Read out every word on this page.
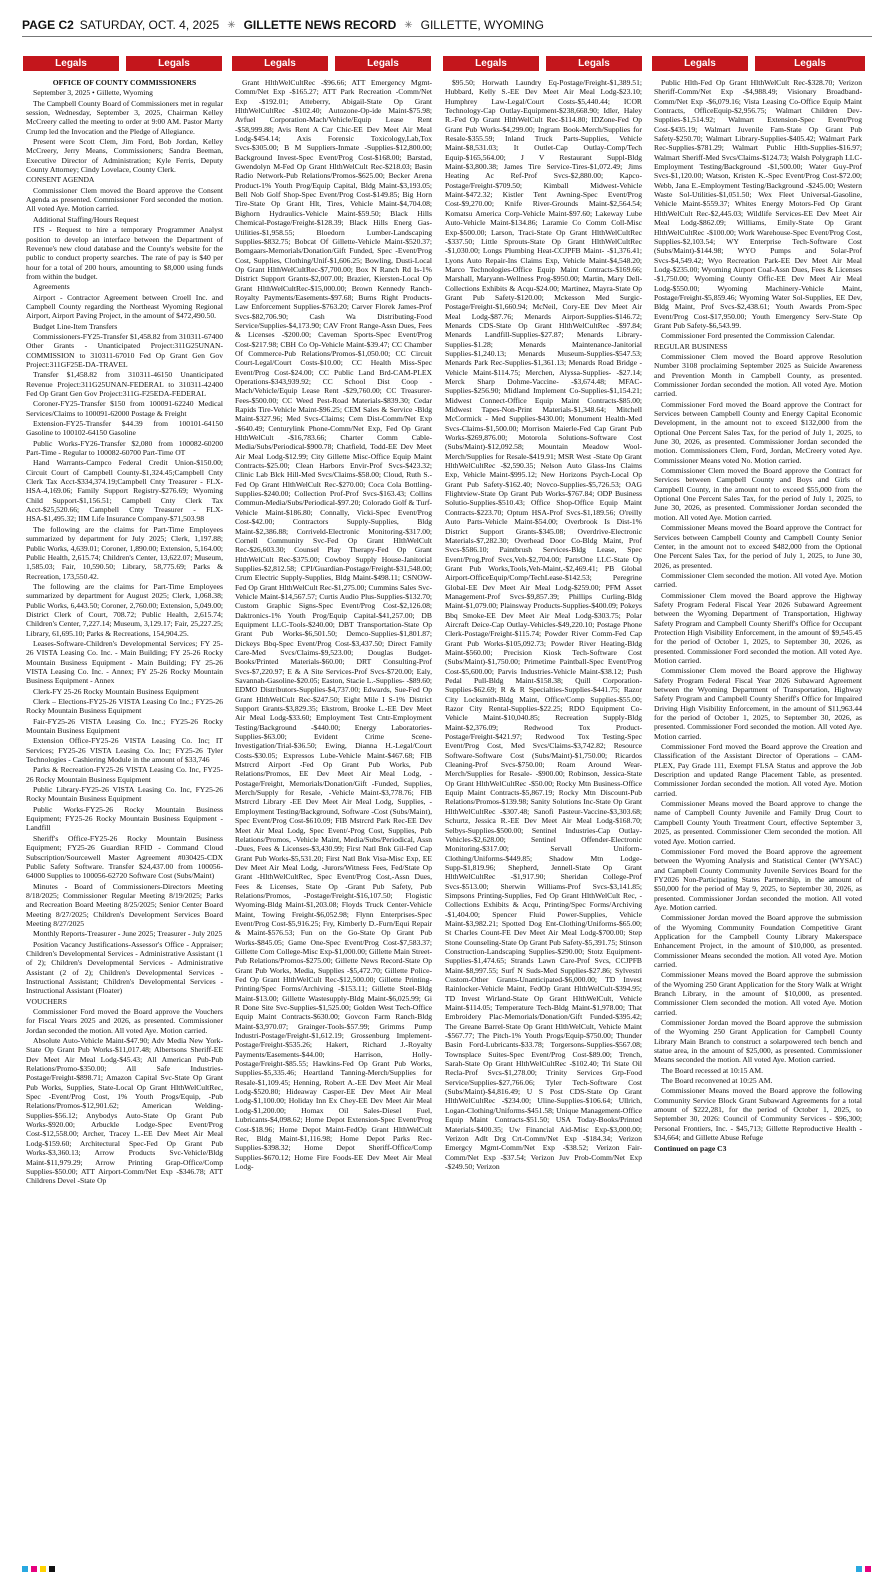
PAGE C2 SATURDAY, OCT. 4, 2025 ✳ GILLETTE NEWS RECORD ✳ GILLETTE, WYOMING
Legals	Legals	Legals	Legals	Legals	Legals	Legals	Legals

OFFICE OF COUNTY COMMISSIONERS

September 3, 2025 • Gillette, Wyoming

The Campbell County Board of Commissioners met in regular session, Wednesday, September 3, 2025, Chairman Kelley McCreery called the meeting to order at 9:00 AM. Pastor Marty Crump led the Invocation and the Pledge of Allegiance.

Present were Scott Clem, Jim Ford, Bob Jordan, Kelley McCreery, Jerry Means, Commissioners; Sandra Beeman, Executive Director of Administration; Kyle Ferris, Deputy County Attorney; Cindy Lovelace, County Clerk.

CONSENT AGENDA

Commissioner Clem moved the Board approve the Consent Agenda as presented. Commissioner Ford seconded the motion. All voted Aye. Motion carried.

Additional Staffing/Hours Request

ITS - Request to hire a temporary Programmer Analyst position to develop an interface between the Department of Revenue's new cloud database and the County's website for the public to conduct property searches. The rate of pay is $40 per hour for a total of 200 hours, amounting to $8,000 using funds from within the budget.

Agreements

Airport - Contractor Agreement between Croell Inc. and Campbell County regarding the Northeast Wyoming Regional Airport, Airport Paving Project, in the amount of $472,490.50.

Budget Line-Item Transfers

Commissioners-FY25-Transfer $1,458.82 from 310311-67400 Other Grants - Unanticipated Project:311G25UNAN-COMMISSION to 310311-67010 Fed Op Grant Gen Gov Project:311GF25E-DA-TRAVEL

Transfer $1,458.82 from 310311-46150 Unanticipated Revenue Project:311G25UNAN-FEDERAL to 310311-42400 Fed Op Grant Gen Gov Project:311G-F25EDA-FEDERAL

Coroner-FY25-Transfer $150 from 100091-62240 Medical Services/Claims to 100091-62000 Postage & Freight

Extension-FY25-Transfer $44.39 from 100101-64150 Gasoline to 100102-64150 Gasoline

Public Works-FY26-Transfer $2,080 from 100082-60200 Part-Time - Regular to 100082-60700 Part-Time OT

Hand Warrants-Campco Federal Credit Union-$150.00; Circuit Court of Campbell County-$1,324.45;Campbell Cnty Clerk Tax Acct-$334,374.19;Campbell Cnty Treasurer - FLX-HSA-4,169.06; Family Support Registry-$276.69; Wyoming Child Support-$1,156.51; Campbell Cnty Clerk Tax Acct-$25,520.66; Campbell Cnty Treasurer - FLX-HSA-$1,495.32; IIM Life Insurance Company-$71,503.98

The following are the claims for Part-Time Employees summarized by department for July 2025; Clerk, 1,197.88; Public Works, 4,639.01; Coroner, 1,890.00; Extension, 5,164.00; Public Health, 2,615.74; Children's Center, 13,622.07; Museum, 1,585.03; Fair, 10,590.50; Library, 58,775.69; Parks & Recreation, 173,550.42.

The following are the claims for Part-Time Employees summarized by department for August 2025; Clerk, 1,068.38; Public Works, 6,443.50; Coroner, 2,760.00; Extension, 5,049.00; District Clerk of Court, 708.72; Public Health, 2,615.74; Children's Center, 7,227.14; Museum, 3,129.17; Fair, 25,227.25; Library, 61,695.10; Parks & Recreations, 154,904.25.

Leases-Software-Children's Developmental Services; FY 25-26 VISTA Leasing Co. Inc. - Main Building; FY 25-26 Rocky Mountain Business Equipment - Main Building; FY 25-26 VISTA Leasing Co. Inc. - Annex; FY 25-26 Rocky Mountain Business Equipment - Annex

Clerk-FY 25-26 Rocky Mountain Business Equipment

Clerk – Elections-FY25-26 VISTA Leasing Co Inc.; FY25-26 Rocky Mountain Business Equipment

Fair-FY25-26 VISTA Leasing Co. Inc.; FY25-26 Rocky Mountain Business Equipment

Extension Office-FY25-26 VISTA Leasing Co. Inc; IT Services; FY25-26 VISTA Leasing Co. Inc; FY25-26 Tyler Technologies - Cashiering Module in the amount of $33,746

Parks & Recreation-FY25-26 VISTA Leasing Co. Inc, FY25-26 Rocky Mountain Business Equipment

Public Library-FY25-26 VISTA Leasing Co. Inc, FY25-26 Rocky Mountain Business Equipment

Public Works-FY25-26 Rocky Mountain Business Equipment; FY25-26 Rocky Mountain Business Equipment - Landfill

Sheriff's Office-FY25-26 Rocky Mountain Business Equipment; FY25-26 Guardian RFID - Command Cloud Subscription/Sourcewell Master Agreement #030425-CDX Public Safety Software. Transfer $24,437.00 from 100056-64000 Supplies to 100056-62720 Software Cost (Subs/Maint)

Minutes - Board of Commissioners-Directors Meeting 8/18/2025; Commissioner Regular Meeting 8/19/2025; Parks and Recreation Board Meeting 8/25/2025; Senior Center Board Meeting 8/27/2025; Children's Development Services Board Meeting 8/27/2025

Monthly Reports-Treasurer - June 2025; Treasurer - July 2025

Position Vacancy Justifications-Assessor's Office - Appraiser; Children's Developmental Services - Administrative Assistant (1 of 2); Children's Developmental Services - Administrative Assistant (2 of 2); Children's Developmental Services - Instructional Assistant; Children's Developmental Services - Instructional Assistant (Floater)

VOUCHERS

Commissioner Ford moved the Board approve the Vouchers for Fiscal Years 2025 and 2026, as presented. Commissioner Jordan seconded the motion. All voted Aye. Motion carried.

Absolute Auto-Vehicle Maint-$47.90; Adv Media New York-State Op Grant Pub Works-$11,017.48; Albertsons Sheriff-EE Dev Meet Air Meal Lodg-$45.43; All American Pub-Pub Relations/Promo-$350.00; All Safe Industries-Postage/Freight-$898.71; Amazon Capital Svc-State Op Grant Pub Works, Supplies, State-Local Op Grant HlthWelCultRec, Spec -Event/Prog Cost, 1% Youth Progs/Equip, -Pub Relations/Promos-$12,901.62; American Welding-Supplies-$56.12; Anybodys Auto-State Op Grant Pub Works-$920.00; Arbuckle Lodge-Spec Event/Prog Cost-$12,558.00; Archer, Tracey L.-EE Dev Meet Air Meal Lodg-$159.60; Architectural Spec-Fed Op Grant Pub Works-$3,360.13; Arrow Products Svc-Vehicle/Bldg Maint-$11,979.29; Arrow Printing Grap-Office/Comp Supplies-$50.00; ATT Airport-Comm/Net Exp -$346.78; ATT Childrens Devel -State Op

Grant HlthWelCultRec -$96.66; ATT Emergency Mgmt-Comm/Net Exp -$165.27; ATT Park Recreation -Comm/Net Exp -$192.01; Atteberry, Abigail-State Op Grant HlthWelCultRec -$102.40; Autozone-Op-ide Maint-$75.98; Avfuel Corporation-Mach/Vehicle/Equip Lease Rent -$58,999.88; Avis Rent A Car Chic-EE Dev Meet Air Meal Lodg-$454.14; Axis Forensic Toxicology,Lab,Tox Svcs-$305.00; B M Suppliers-Inmate -Supplies-$12,800.00; Background Invest-Spec Event/Prog Cost-$168.00; Barstad, Gwendolyn M-Fed Op Grant HlthWelCult Rec-$218.03; Basin Radio Network-Pub Relations/Promos-$625.00; Becker Arena Product-1% Youth Prog/Equip Capital, Bldg Maint-$3,193.05; Bell Nob Golf Shop-Spec Event/Prog Cost-$149.85; Big Horn Tire-State Op Grant Hlt, Tires, Vehicle Maint-$4,704.08; Bighorn Hydraulics-Vehicle Maint-$59.50; Black Hills Chemical-Postage/Freight-$128.39; Black Hills Energ Gas-Utilities-$1,958.55; Bloedorn Lumber-Landscaping Supplies-$832.75; Bobcat Of Gillette-Vehicle Maint-$520.37; Bomgaars-Memorials/Donation/Gift Funded, Spec -Event/Prog Cost, Supplies, Clothing/Unif-$1,606.25; Bowling, Dusti-Local Op Grant HlthWelCultRec-$7,700.00; Box N Ranch Rd Is-1% District Support Grants-$2,007.00; Brazier, Kiersten-Local Op Grant HlthWelCultRec-$15,000.00; Brown Kennedy Ranch-Royalty Payments/Easements-$97.68; Burns Right Products-Law Enforcement Supplies-$763.20; Carver Florek James-Prof Svcs-$82,706.90; Cash Wa Distributing-Food Service/Supplies-$4,173.90; CAV Front Range-Assn Dues, Fees & Licenses -$200.00; Caveman Sports-Spec Event/Prog Cost-$217.98; CBH Co Op-Vehicle Maint-$39.47; CC Chamber Of Commerce-Pub Relations/Promos-$1,050.00; CC Circuit Court-Legal/Court Costs-$10.00; CC Health Miss-Spec Event/Prog Cost-$24.00; CC Public Land Brd-CAM-PLEX Operations-$343,939.92; CC School Dist Coop -Mach/Vehicle/Equip Lease Rent -$29,760.00; CC Treasurer-Fees-$500.00; CC Weed Pest-Road Materials-$839.30; Cedar Rapids Tire-Vehicle Maint-$96.25; CEM Sales & Service -Bldg Maint-$327.96; Med Svcs-Claims; Cem Dist-Comm/Net Exp -$640.49; Centurylink Phone-Comm/Net Exp, Fed Op Grant HlthWelCult -$16,783.66; Charter Comm Cable-Media/Subs/Periodical-$900.78; Chatfield, Todd-EE Dev Meet Air Meal Lodg-$12.99; City Gillette Misc-Office Equip Maint Contracts-$25.00; Clean Harbors Envir-Prof Svcs-$423.32; Clinic Lab Blck Hill-Med Svcs/Claims-$58.00; Cloud, Ruth S.-Fed Op Grant HlthWelCult Rec-$270.00; Coca Cola Bottling-Supplies-$240.00; Collection Prof-Prof Svcs-$163.43; Collins Commun-Media/Subs/Periodical-$97.20; Colorado Golf & Turf-Vehicle Maint-$186.80; Connally, Vicki-Spec Event/Prog Cost-$42.00; Contractors Supply-Supplies, Bldg Maint-$2,386.88; Corriveld-Electronic Monitoring-$317.00; Cornell Community Svc-Fed Op Grant HlthWelCult Rec-$26,603.30; Counsel Play Therapy-Fed Op Grant HlthWelCult Rec-$375.00; Cowboy Supply House-Janitorial Supplies-$2,812.58; CPI/Guardian-Postage/Freight-$31,548.00; Crum Electric Supply-Supplies, Bldg Maint-$498.11; CSNOW-Fed Op Grant HlthWelCult Rec-$1,275.00; Cummins Sales Svc-Vehicle Maint-$14,567.57; Curtis Audio Plus-Supplies-$132.70; Custom Graphic Signs-Spec Event/Prog Cost-$2,126.08; Daktronics-1% Youth Prog/Equip Capital-$41,257.00; DB Equipment LLC-Tools-$240.00; DBT Transportation-State Op Grant Pub Works-$6,501.50; Demco-Supplies-$1,801.87; Dickeys Bbq-Spec Event/Prog Cost-$3,437.50; Direct Family Care-Med Svcs/Claims-$9,523.00; Douglas Budget-Books/Printed Materials-$60.00; DRT Consulting-Prof Svcs-$7,220.97; E & A Site Services-Prof Svcs-$720.00; Ealy, Savannah-Gasoline-$20.05; Easton, Stacie L.-Supplies- -$89.60; EDMO Distributors-Supplies-$4,737.00; Edwards, Sue-Fed Op Grant HlthWelCult Rec-$247.50; Eight Mile I S-1% District Support Grants-$3,829.35; Ekstrom, Brooke L.-EE Dev Meet Air Meal Lodg-$33.60; Employment Test Cntr-Employment Testing/Background -$440.00; Energy Laboratories-Supplies-$63.00; Evident Crime Scene-Investigation/Trial-$36.50; Ewing, Dianna H.-Legal/Court Costs-$30.05; Expressos Lube-Vehicle Maint-$467.68; FIB Mstrcrd Airport -Fed Op Grant Pub Works, Pub Relations/Promos, EE Dev Meet Air Meal Lodg, -Postage/Freight, Memorials/Donation/Gift -Funded, Supplies, Merch/Supply for Resale, -Vehicle Maint-$3,778.76; FIB Mstrcrd Library -EE Dev Meet Air Meal Lodg, Supplies, -Employment Testing/Background, Software -Cost (Subs/Maint), Spec Event/Prog Cost-$610.09; FIB Mstrcrd Park Rec-EE Dev Meet Air Meal Lodg, Spec Event/-Prog Cost, Supplies, Pub Relations/Promos, -Vehicle Maint, Media/Subs/Periodical, Assn -Dues, Fees & Licenses-$3,430.99; First Natl Bnk Gil-Fed Cap Grant Pub Works-$5,531.20; First Natl Bnk Visa-Misc Exp, EE Dev Meet Air Meal Lodg, -Jurors/Witness Fees, Fed/State Op Grant -HlthWelCultRec, Spec Event/Prog Cost,-Assn Dues, Fees & Licenses, State Op -Grant Pub Safety, Pub Relations/Promos, -Postage/Freight-$16,107.50; Flogistic Wyoming-Bldg Maint-$1,203.08; Floyds Truck Center-Vehicle Maint, Towing Freight-$6,052.98; Flynn Enterprises-Spec Event/Prog Cost-$5,916.25; Fry, Kimberly D.-Furn/Equi Repair & Maint-$576.53; Fun on the Go-State Op Grant Pub Works-$845.05; Game One-Spec Event/Prog Cost-$7,583.37; Gillette Com College-Misc Exp-$1,000.00; Gillette Main Street-Pub Relations/Promos-$275.00; Gillette News Record-State Op Grant Pub Works, Media, Supplies -$5,472.70; Gillette Police-Fed Op Grant HlthWelCult Rec-$12,500.00; Gillette Printing-Printing/Spec Forms/Archiving -$153.11; Gillette Steel-Bldg Maint-$13.00; Gillette Wastesupply-Bldg Maint-$6,025.99; Gi R Done Site Svc-Supplies-$1,525.00; Golden West Tech-Office Equip Maint Contracts-$630.00; Govcon Farm Ranch-Bldg Maint-$3,970.07; Grainger-Tools-$57.99; Grimms Pump Industri-Postage/Freight-$1,612.19; Grossenburg Implement-Postage/Freight-$535.26; Hakert, Richard J.-Royalty Payments/Easements-$44.00; Harrison, Holly-Postage/Freight-$85.55; Hawkins-Fed Op Grant Pub Works, Supplies-$5,335.46; Heartland Tanning-Merch/Supplies for Resale-$1,109.45; Henning, Robert A.-EE Dev Meet Air Meal Lodg-$520.80; Hideaway Casper-EE Dev Meet Air Meal Lodg-$1,100.00; Holiday Inn Ex Chey-EE Dev Meet Air Meal Lodg-$1,200.00; Homax Oil Sales-Diesel Fuel, Lubricants-$4,098.62; Home Depot Extension-Spec Event/Prog Cost-$18.96; Home Depot Maint-FedOp Grant HlthWelCult Rec, Bldg Maint-$1,116.98; Home Depot Parks Rec-Supplies-$398.32; Home Depot Sheriff-Office/Comp Supplies-$670.12; Home Fire Foods-EE Dev Meet Air Meal Lodg-

$95.50; Horwath Laundry Eq-Postage/Freight-$1,389.51; Hubbard, Kelly S.-EE Dev Meet Air Meal Lodg-$23.10; Humphrey Law-Legal/Court Costs-$5,440.44; ICOR Technology-Cap Outlay-Equipment-$238,668.90; Idler, Haley R.-Fed Op Grant HlthWelCult Rec-$114.80; IDZone-Fed Op Grant Pub Works-$4,299.00; Ingram Book-Merch/Supplies for Resale-$355.59; Inland Truck Parts-Supplies, Vehicle Maint-$8,531.03; It Outlet-Cap Outlay-Comp/Tech Equip-$165,564.00; J V Restaurant Suppl-Bldg Maint-$3,800.38; James Tire Service-Tires-$1,072.49; Jims Heating Ac Ref-Prof Svcs-$2,880.00; Kapco-Postage/Freight-$709.50; Kimball Midwest-Vehicle Maint-$472.32; Kistler Tent Awning-Spec Event/Prog Cost-$9,270.00; Knife River-Grounds Maint-$2,564.54; Komatsu America Corp-Vehicle Maint-$97.60; Lakeway Lube Auto-Vehicle Maint-$134.86; Laramie Co Comm Coll-Misc Exp-$500.00; Larson, Traci-State Op Grant HlthWelCultRec -$337.50; Little Sprouts-State Op Grant HlthWelCultRec -$1,030.00; Longs Plumbing Heat-CCJPFB Maint- -$1,376.41; Lyons Auto Repair-Ins Claims Exp, Vehicle Maint-$4,548.20; Marco Technologies-Office Equip Maint Contracts-$169.66; Marshall, Maryann-Wellness Prog-$950.00; Martin, Mary Dell-Collections Exhibits & Acqu-$24.00; Martinez, Mayra-State Op Grant Pub Safety-$120.00; Mckesson Med Surgic-Postage/Freight-$1,660.94; McNeil, Cory-EE Dev Meet Air Meal Lodg-$87.76; Menards Airport-Supplies-$146.72; Menards CDS-State Op Grant HlthWelCultRec -$97.84; Menards Landfill-Supplies-$27.87; Menards Library-Supplies-$1.28; Menards Maintenance-Janitorial Supplies-$1,240.13; Menards Museum-Supplies-$547.53; Menards Park Rec-Supplies-$1,361.13; Menards Road Bridge -Vehicle Maint-$114.75; Merchen, Alyssa-Supplies- -$27.14; Merck Sharp Dohme-Vaccine- -$3,674.48; MFAC-Supplies-$256.90; Midland Implement Co-Supplies-$1,154.21; Midwest Connect-Office Equip Maint Contracts-$85.00; Midwest Tapes-Non-Print Materials-$1,348.64; Mitchell McCormick - Med Supplies-$430.00; Monument Health-Med Svcs-Claims-$1,500.00; Morrison Maierle-Fed Cap Grant Pub Works-$269,876.00; Motorola Solutions-Software Cost (Subs/Maint)-$12,092.58; Mountain Meadow Wool-Merch/Supplies for Resale-$419.91; MSR West -State Op Grant HlthWelCultRec -$2,590.35; Nelson Auto Glass-Ins Claims Exp, Vehicle Maint-$995.12; New Horizons Psych-Local Op Grant Pub Safety-$162.40; Novco-Supplies-$5,726.53; OAG Flightview-State Op Grant Pub Works-$767.84; ODP Business Solutio-Supplies-$510.43; Office Shop-Office Equip Maint Contracts-$223.70; Optum HSA-Prof Svcs-$1,189.56; O'reilly Auto Parts-Vehicle Maint-$54.00; Overbrook Is Dist-1% District Support Grants-$345.08; Overdrive-Electronic Materials-$7,282.30; Overhead Door Co-Bldg Maint, Prof Svcs-$586.10; Paintbrush Services-Bldg Lease, Spec Event/Prog,Prof Svcs,Veh-$2,704.00; PartsOne LLC-State Op Grant Pub Works,Tools,Veh-Maint,-$2,469.41; PB Global Airport-OfficeEquip/Comp/TechLease-$142.53; Peregrine Global-EE Dev Meet Air Meal Lodg-$259.00; PFM Asset Management-Prof Svcs-$9,857.39; Phillips Curling-Bldg Maint-$1,079.00; Plainsway Products-Supplies-$400.09; Pokeys Bbq Smoke-EE Dev Meet Air Meal Lodg-$303.75; Polar Aircraft Deice-Cap Outlay-Vehicles-$49,220.10; Postage Phone Clerk-Postage/Freight-$115.74; Powder River Comm-Fed Cap Grant Pub Works-$105,092.73; Powder River Heating-Bldg Maint-$560.00; Precision Kiosk Tech-Software Cost (Subs/Maint)-$1,750.00; Primetime Paintball-Spec Event/Prog Cost-$5,600.00; Parvis Industries-Vehicle Maint-$38.12; Push Pedal Pull-Bldg Maint-$158.38; Quill Corporation-Supplies-$62.69; R & R Specialties-Supplies-$441.75; Razor City Locksmith-Bldg Maint, Office/Comp Supplies-$55.00; Razor City Rental-Supplies-$22.25; RDO Equipment Co-Vehicle Maint-$10,040.85; Recreation Supply-Bldg Maint-$2,376.09; Redwood Tox Product-Postage/Freight-$421.97; Redwood Tox Testing-Spec Event/Prog Cost, Med Svcs/Claims-$3,742.82; Resource Software-Software Cost (Subs/Maint)-$1,750.00; Ricardos Cleaning-Prof Svcs-$750.00; Roam Around Wear-Merch/Supplies for Resale- -$900.00; Robinson, Jessica-State Op Grant HlthWelCultRec -$50.00; Rocky Mtn Business-Office Equip Maint Contracts-$5,867.19; Rocky Mtn Discount-Pub Relations/Promos-$139.98; Sanity Solutions Inc-State Op Grant HlthWelCultRec -$307.48; Sanofi Pasteur-Vaccine-$3,303.68; Schurtz, Jessica R.-EE Dev Meet Air Meal Lodg-$168.70; Selbys-Supplies-$500.00; Sentinel Industries-Cap Outlay-Vehicles-$2,628.00; Sentinel Offender-Electronic Monitoring-$317.00; Servall Uniform-Clothing/Uniforms-$449.85; Shadow Mtn Lodge-Supp-$1,819.96; Shepherd, Jennell-State Op Grant HlthWelCultRec -$1,917.90; Sheridan College-Prof Svcs-$513.00; Sherwin Williams-Prof Svcs-$3,141.85; Simpsons Printing-Supplies, Fed Op Grant HlthWelCult Rec, -Collections Exhibits & Acqu, Printing/Spec Forms/Archiving -$1,404.00; Spencer Fluid Power-Supplies, Vehicle Maint-$3,982.21; Spotted Dog Ent-Clothing/Uniforms-$65.00; St Charles Count-FE Dev Meet Air Meal Lodg-$700.00; Step Stone Counseling-State Op Grant Pub Safety-$5,391.75; Stinson Construction-Landscaping Supplies-$290.00; Stotz Equipment-Supplies-$1,474.65; Strands Lawn Care-Prof Svcs, CCJPFB Maint-$8,997.55; Surf N Suds-Med Supplies-$27.86; Sylvestri Custom-Other Grants-Unanticipated-$6,000.00; TD Invest Rainlocker-Vehicle Maint, FedOp Grant HlthWelCult-$394.95; TD Invest Wirland-State Op Grant HlthWelCult, Vehicle Maint-$114.05; Temperature Tech-Bldg Maint-$1,978.00; That Embroidery Plac-Memorials/Donation/Gift Funded-$395.42; The Greane Barrel-State Op Grant HlthWelCult, Vehicle Maint -$567.77; The Pitch-1% Youth Progs/Equip-$750.00; Thunder Basin Ford-Lubricants-$33.78; Torgersons-Supplies-$567.08; Townsplace Suites-Spec Event/Prog Cost-$89.00; Trench, Sarah-State Op Grant HlthWelCultRec -$102.40; Tri State Oil Recla-Prof Svcs-$1,278.00; Trinity Services Grp-Food Service/Supplies-$27,766.06; Tyler Tech-Software Cost (Subs/Maint)-$4,816.49; U S Post CDS-State Op Grant HlthWelCultRec -$234.00; Uline-Supplies-$106.64; Ullrich, Logan-Clothing/Uniforms-$451.58; Unique Management-Office Equip Maint Contracts-$51.50; USA Today-Books/Printed Materials-$400.35; Uw Financial Aid-Misc Exp-$3,000.00; Verizon Adlt Drg Crt-Comm/Net Exp -$184.34; Verizon Emergcy Mgmt-Comm/Net Exp -$38.52; Verizon Fair-Comm/Net Exp -$37.54; Verizon Juv Prob-Comm/Net Exp -$249.50; Verizon

Public Hlth-Fed Op Grant HlthWelCult Rec-$328.70; Verizon Sheriff-Comm/Net Exp -$4,988.49; Visionary Broadband-Comm/Net Exp -$6,079.16; Vista Leasing Co-Office Equip Maint Contracts, OfficeEquip-$2,956.75; Walmart Children Dev-Supplies-$1,514.92; Walmart Extension-Spec Event/Prog Cost-$435.19; Walmart Juvenile Fam-State Op Grant Pub Safety-$250.70; Walmart Library-Supplies-$405.42; Walmart Park Rec-Supplies-$781.29; Walmart Public Hlth-Supplies-$16.97; Walmart Sheriff-Med Svcs/Claims-$124.73; Walsh Polygraph LLC-Employment Testing/Background -$1,500.00; Water Guy-Prof Svcs-$1,120.00; Watson, Kristen K.-Spec Event/Prog Cost-$72.00; Webb, Jana E.-Employment Testing/Background -$245.00; Western Waste Sol-Utilities-$1,051.50; Wex Fleet Universal-Gasoline, Vehicle Maint-$559.37; Whites Energy Motors-Fed Op Grant HlthWelCult Rec-$2,445.03; Wildlife Services-EE Dev Meet Air Meal Lodg-$862.09; Williams, Emily-State Op Grant HlthWelCultRec -$100.00; Work Warehouse-Spec Event/Prog Cost, Supplies-$2,103.54; WY Enterprise Tech-Software Cost (Subs/Maint)-$144.98; WYO Pumps and Solar-Prof Svcs-$4,549.42; Wyo Recreation Park-EE Dev Meet Air Meal Lodg-$235.00; Wyoming Airport Coal-Assn Dues, Fees & Licenses -$1,750.00; Wyoming County Offic-EE Dev Meet Air Meal Lodg-$550.00; Wyoming Machinery-Vehicle Maint, Postage/Freight-$5,859.46; Wyoming Water Sol-Supplies, EE Dev, Bldg Maint, Prof Svcs-$2,438.61; Youth Awards Prom-Spec Event/Prog Cost-$17,950.00; Youth Emergency Serv-State Op Grant Pub Safety-$6,543.99.

Commissioner Ford presented the Commission Calendar.

REGULAR BUSINESS

Commissioner Clem moved the Board approve Resolution Number 3108 proclaiming September 2025 as Suicide Awareness and Prevention Month in Campbell County, as presented. Commissioner Jordan seconded the motion. All voted Aye. Motion carried.

Commissioner Ford moved the Board approve the Contract for Services between Campbell County and Energy Capital Economic Development, in the amount not to exceed $132,000 from the Optional One Percent Sales Tax, for the period of July 1, 2025, to June 30, 2026, as presented. Commissioner Jordan seconded the motion. Commissioners Clem, Ford, Jordan, McCreery voted Aye. Commissioner Means voted No. Motion carried.

Commissioner Clem moved the Board approve the Contract for Services between Campbell County and Boys and Girls of Campbell County, in the amount not to exceed $55,000 from the Optional One Percent Sales Tax, for the period of July 1, 2025, to June 30, 2026, as presented. Commissioner Jordan seconded the motion. All voted Aye. Motion carried.

Commissioner Means moved the Board approve the Contract for Services between Campbell County and Campbell County Senior Center, in the amount not to exceed $482,000 from the Optional One Percent Sales Tax, for the period of July 1, 2025, to June 30, 2026, as presented.

Commissioner Clem seconded the motion. All voted Aye. Motion carried.

Commissioner Clem moved the Board approve the Highway Safety Program Federal Fiscal Year 2026 Subaward Agreement between the Wyoming Department of Transportation, Highway Safety Program and Campbell County Sheriff's Office for Occupant Protection High Visibility Enforcement, in the amount of $9,545.45 for the period of October 1, 2025, to September 30, 2026, as presented. Commissioner Ford seconded the motion. All voted Aye. Motion carried.

Commissioner Clem moved the Board approve the Highway Safety Program Federal Fiscal Year 2026 Subaward Agreement between the Wyoming Department of Transportation, Highway Safety Program and Campbell County Sheriff's Office for Impaired Driving High Visibility Enforcement, in the amount of $11,963.44 for the period of October 1, 2025, to September 30, 2026, as presented. Commissioner Ford seconded the motion. All voted Aye. Motion carried.

Commissioner Ford moved the Board approve the Creation and Classification of the Assistant Director of Operations – CAM-PLEX, Pay Grade 111, Exempt FLSA Status and approve the Job Description and updated Range Placement Table, as presented. Commissioner Jordan seconded the motion. All voted Aye. Motion carried.

Commissioner Means moved the Board approve to change the name of Campbell County Juvenile and Family Drug Court to Campbell County Youth Treatment Court, effective September 3, 2025, as presented. Commissioner Clem seconded the motion. All voted Aye. Motion carried.

Commissioner Ford moved the Board approve the agreement between the Wyoming Analysis and Statistical Center (WYSAC) and Campbell County Community Juvenile Services Board for the FY2026 Non-Participating States Partnership, in the amount of $50,000 for the period of May 9, 2025, to September 30, 2026, as presented. Commissioner Jordan seconded the motion. All voted Aye. Motion carried.

Commissioner Jordan moved the Board approve the submission of the Wyoming Community Foundation Competitive Grant Application for the Campbell County Library Makerspace Enhancement Project, in the amount of $10,000, as presented. Commissioner Means seconded the motion. All voted Aye. Motion carried.

Commissioner Means moved the Board approve the submission of the Wyoming 250 Grant Application for the Story Walk at Wright Branch Library, in the amount of $10,000, as presented. Commissioner Clem seconded the motion. All voted Aye. Motion carried.

Commissioner Jordan moved the Board approve the submission of the Wyoming 250 Grant Application for Campbell County Library Main Branch to construct a solarpowered tech bench and statue area, in the amount of $25,000, as presented. Commissioner Means seconded the motion. All voted Aye. Motion carried.

The Board recessed at 10:15 AM.

The Board reconvened at 10:25 AM.

Commissioner Means moved the Board approve the following Community Service Block Grant Subaward Agreements for a total amount of $222,281, for the period of October 1, 2025, to September 30, 2026: Council of Community Services - $96,300; Personal Frontiers, Inc. - $45,713; Gillette Reproductive Health - $34,664; and Gillette Abuse Refuge

Continued on page C3
